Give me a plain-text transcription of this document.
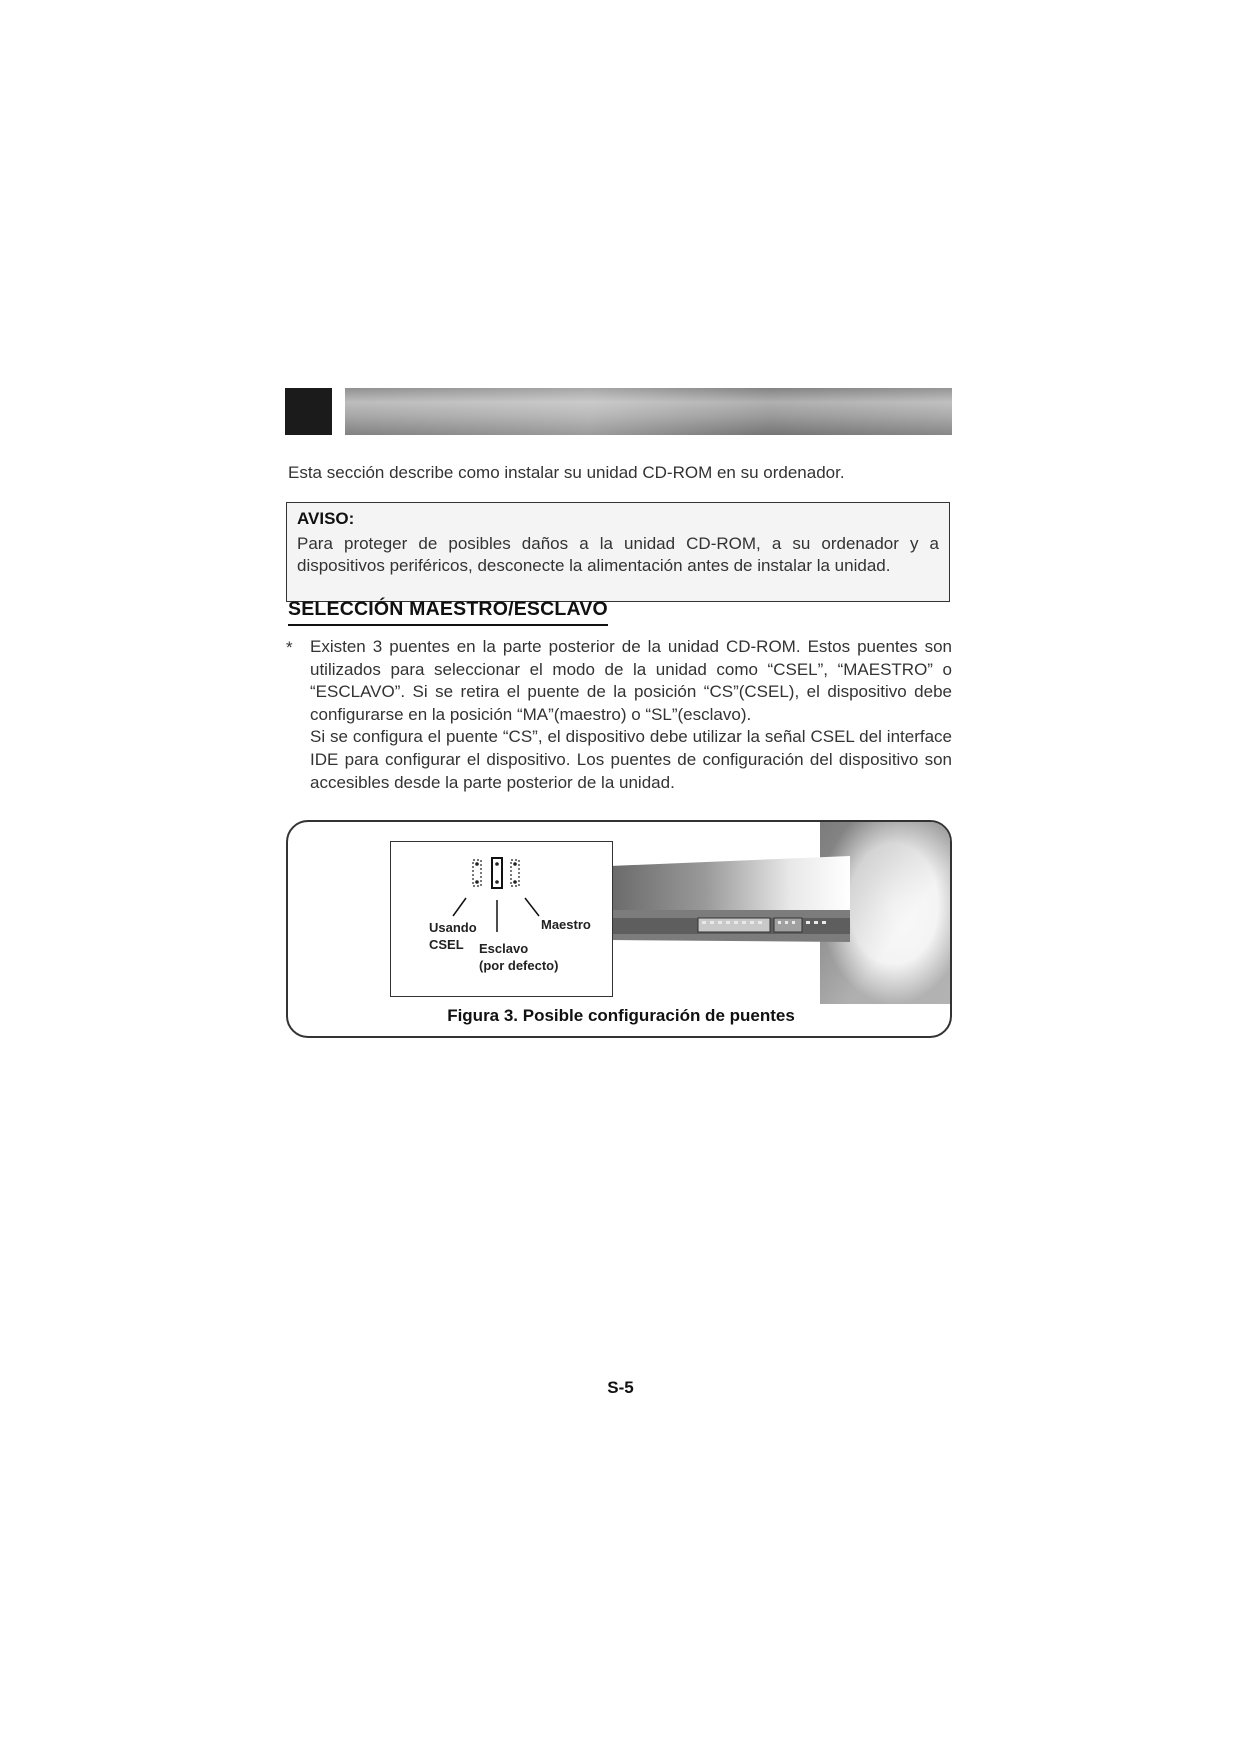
Esta sección describe como instalar su unidad CD-ROM en su ordenador.
AVISO:
Para proteger de posibles daños a la unidad CD-ROM, a su ordenador y a dispositivos periféricos, desconecte la alimentación antes de instalar la unidad.
SELECCIÓN MAESTRO/ESCLAVO
* Existen 3 puentes en la parte posterior de la unidad CD-ROM. Estos puentes son utilizados para seleccionar el modo de la unidad como “CSEL”, “MAESTRO” o “ESCLAVO”. Si se retira el puente de la posición “CS”(CSEL), el dispositivo debe configurarse en la posición “MA”(maestro) o “SL”(esclavo).

Si se configura el puente “CS”, el dispositivo debe utilizar la señal CSEL del interface IDE para configurar el dispositivo. Los puentes de configuración del dispositivo son accesibles desde la parte posterior de la unidad.

Usando
CSEL
Maestro
Esclavo
(por defecto)
Figura 3. Posible configuración de puentes
S-5
